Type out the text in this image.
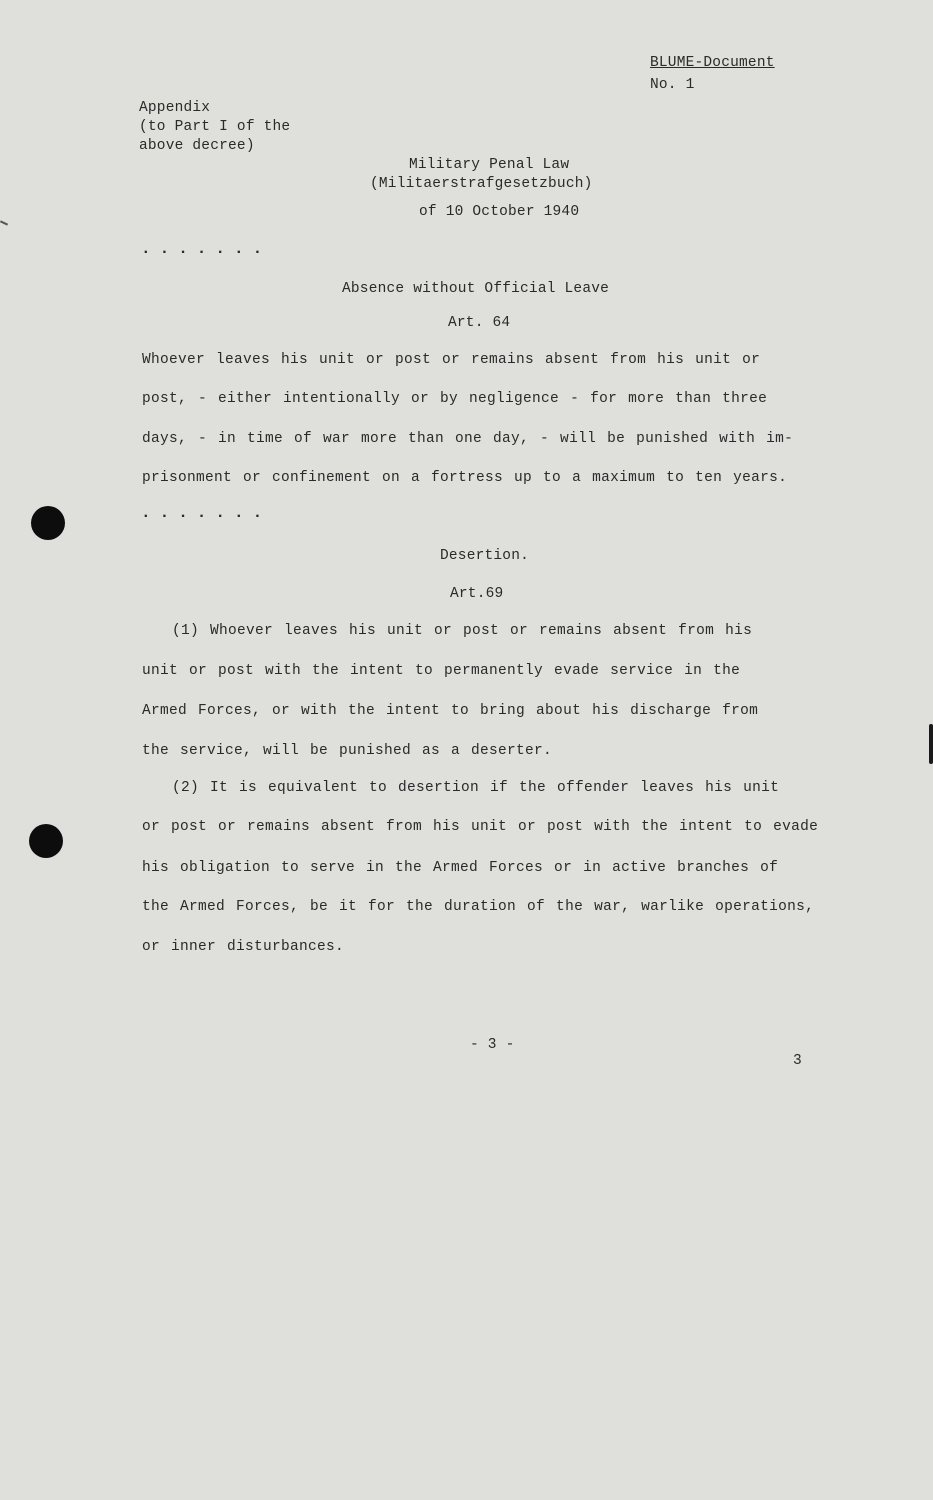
BLUME-Document
No. 1
Appendix
(to Part I of the
above decree)
Military Penal Law
(Militaerstrafgesetzbuch)
of 10 October 1940
·······
Absence without Official Leave
Art. 64
Whoever leaves his unit or post or remains absent from his unit or
post, - either intentionally or by negligence - for more than three
days, - in time of war more than one day, - will be punished with im-
prisonment or confinement on a fortress up to a maximum to ten years.
·······
Desertion.
Art.69
(1) Whoever leaves his unit or post or remains absent from his
unit or post with the intent to permanently evade service in the
Armed Forces, or with the intent to bring about his discharge from
the service, will be punished as a deserter.
(2) It is equivalent to desertion if the offender leaves his unit
or post or remains absent from his unit or post with the intent to evade
his obligation to serve in the Armed Forces or in active branches of
the Armed Forces, be it for the duration of the war, warlike operations,
or inner disturbances.
- 3 -
3
